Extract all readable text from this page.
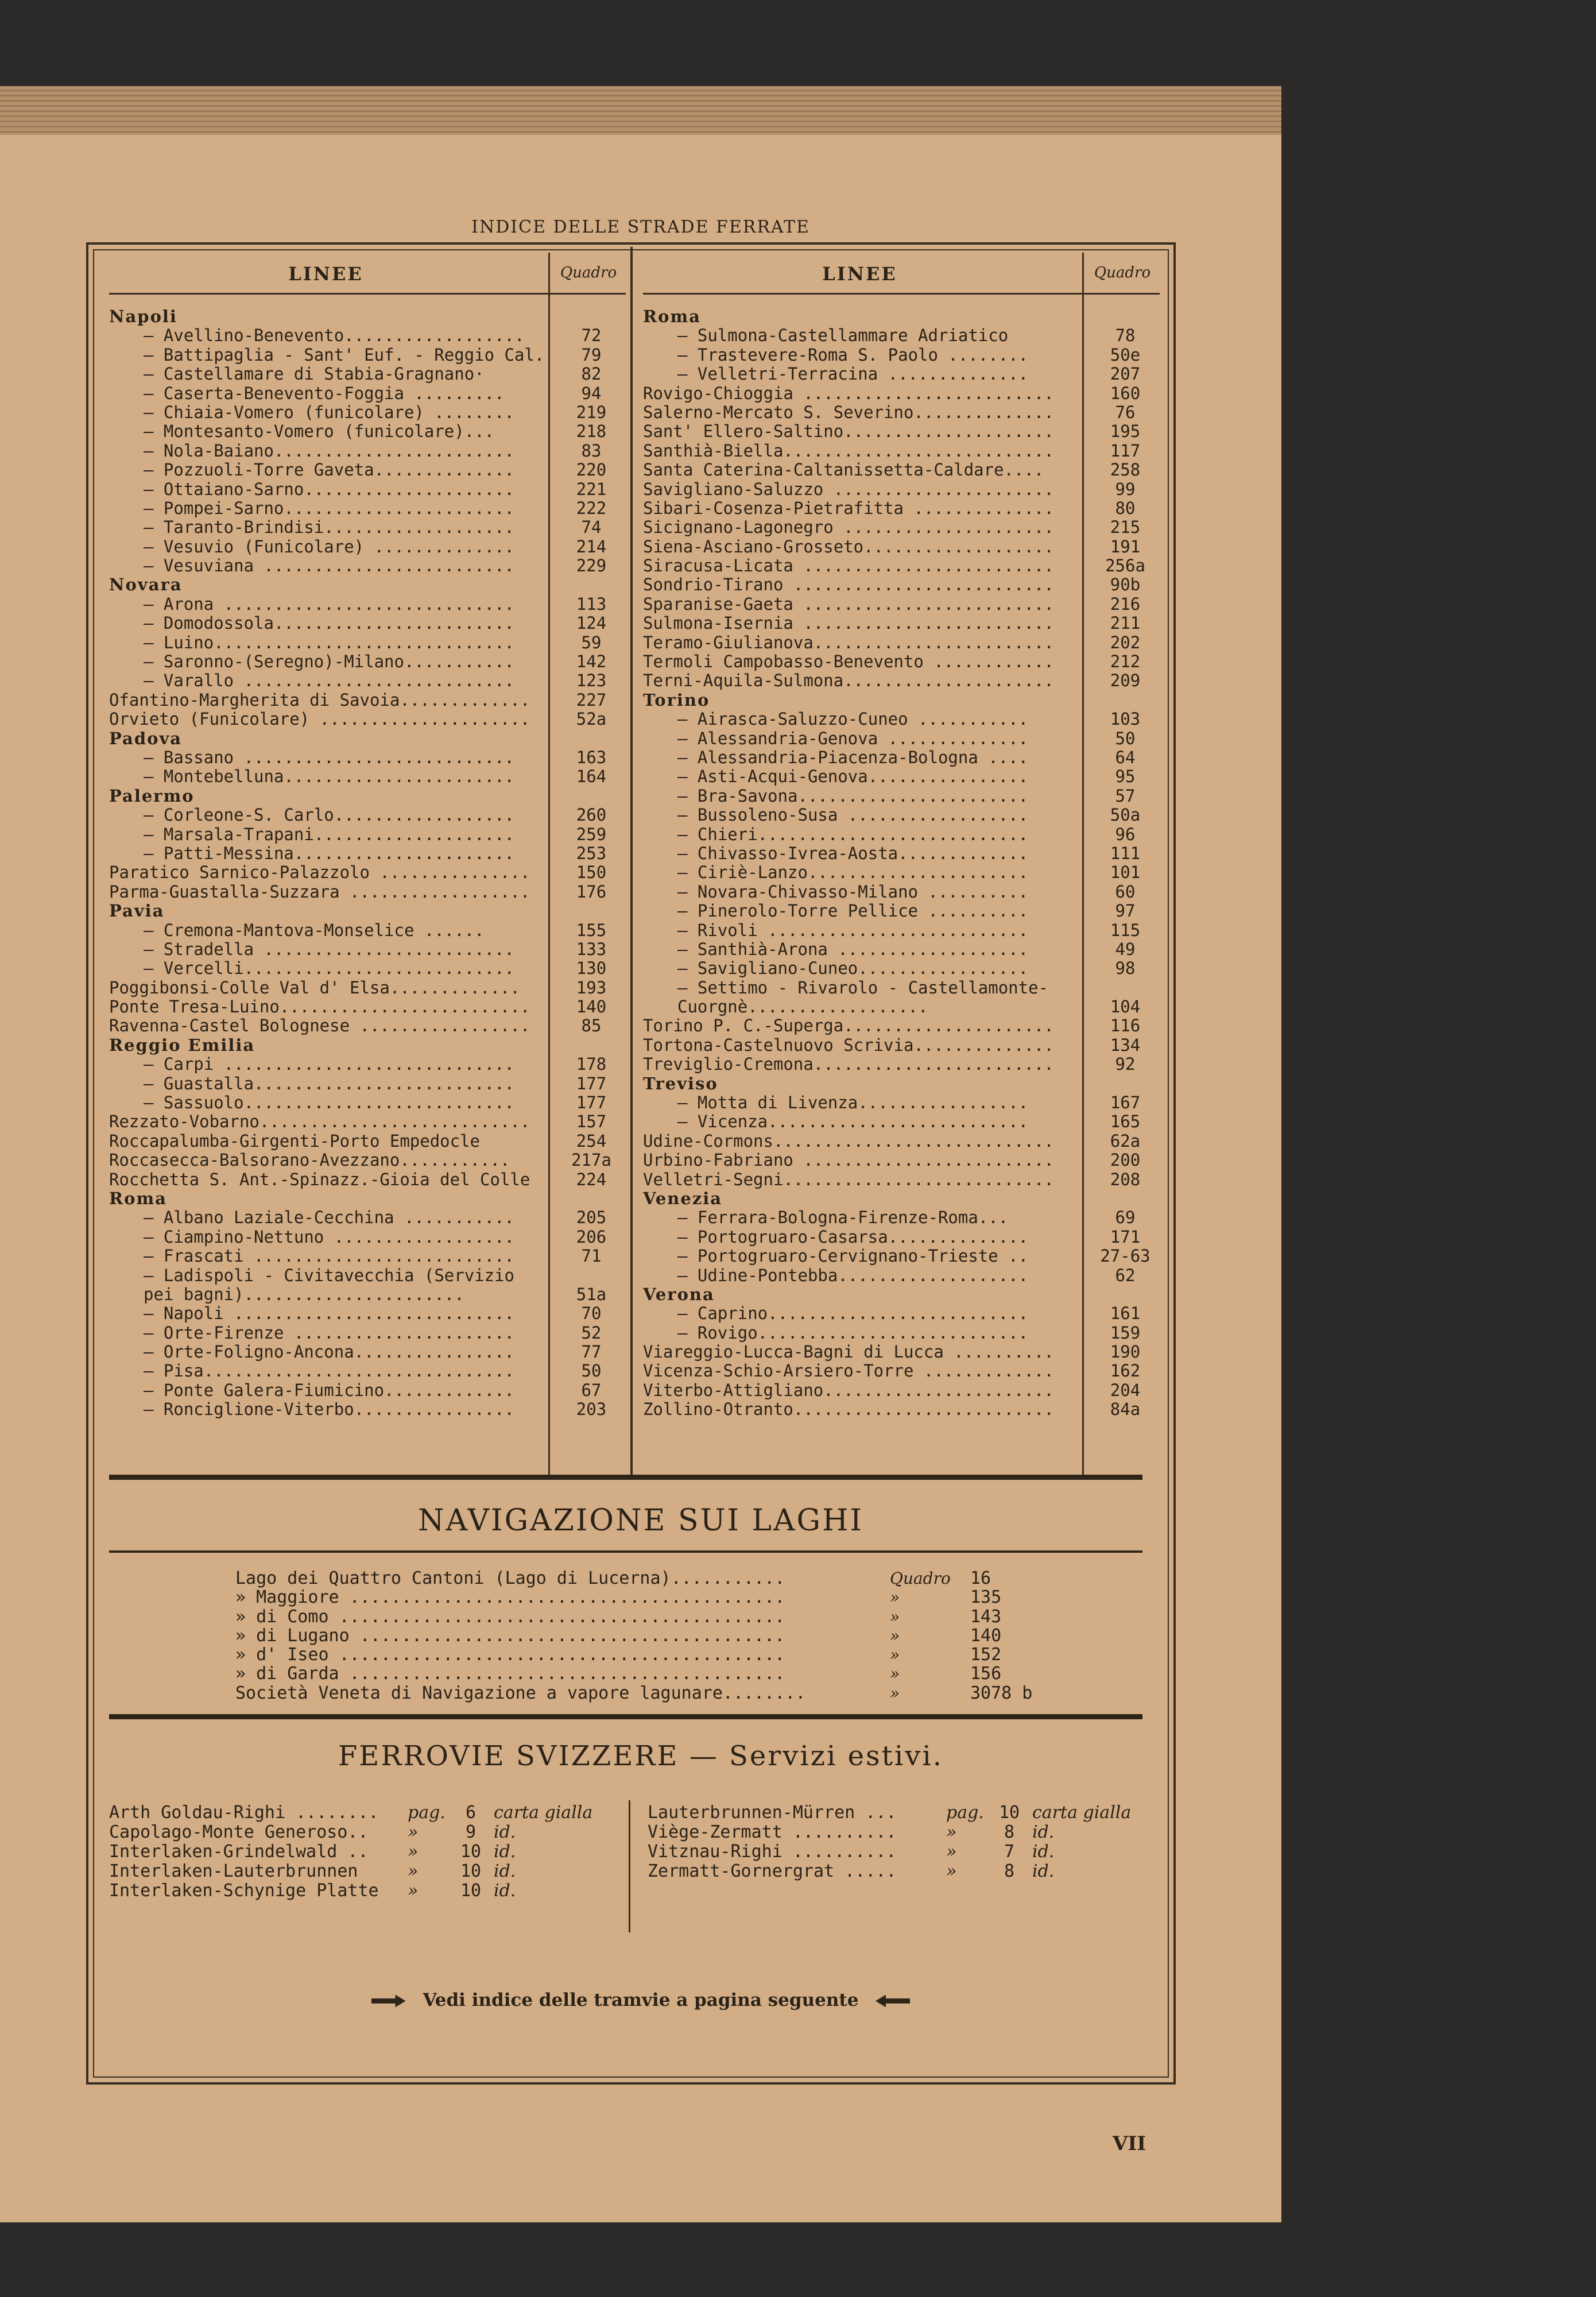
INDICE DELLE STRADE FERRATE
LINEE	Quadro
Napoli
— Avellino-Benevento..................	72
— Battipaglia - Sant' Euf. - Reggio Cal.	79
— Castellamare di Stabia-Gragnano·	82
— Caserta-Benevento-Foggia .........	94
— Chiaia-Vomero (funicolare) ........	219
— Montesanto-Vomero (funicolare)...	218
— Nola-Baiano........................	83
— Pozzuoli-Torre Gaveta..............	220
— Ottaiano-Sarno.....................	221
— Pompei-Sarno.......................	222
— Taranto-Brindisi...................	74
— Vesuvio (Funicolare) ..............	214
— Vesuviana .........................	229
Novara
— Arona .............................	113
— Domodossola........................	124
— Luino..............................	59
— Saronno-(Seregno)-Milano...........	142
— Varallo ...........................	123
Ofantino-Margherita di Savoia.............	227
Orvieto (Funicolare) .....................	52a
Padova
— Bassano ...........................	163
— Montebelluna.......................	164
Palermo
— Corleone-S. Carlo..................	260
— Marsala-Trapani....................	259
— Patti-Messina......................	253
Paratico Sarnico-Palazzolo ...............	150
Parma-Guastalla-Suzzara ..................	176
Pavia
— Cremona-Mantova-Monselice ......	155
— Stradella .........................	133
— Vercelli...........................	130
Poggibonsi-Colle Val d' Elsa.............	193
Ponte Tresa-Luino.........................	140
Ravenna-Castel Bolognese .................	85
Reggio Emilia
— Carpi .............................	178
— Guastalla..........................	177
— Sassuolo...........................	177
Rezzato-Vobarno...........................	157
Roccapalumba-Girgenti-Porto Empedocle	254
Roccasecca-Balsorano-Avezzano...........	217a
Rocchetta S. Ant.-Spinazz.-Gioia del Colle	224
Roma
— Albano Laziale-Cecchina ...........	205
— Ciampino-Nettuno ..................	206
— Frascati ..........................	71
— Ladispoli - Civitavecchia (Servizio
pei bagni)......................	51a
— Napoli ............................	70
— Orte-Firenze ......................	52
— Orte-Foligno-Ancona................	77
— Pisa...............................	50
— Ponte Galera-Fiumicino.............	67
— Ronciglione-Viterbo................	203
LINEE	Quadro
Roma
— Sulmona-Castellammare Adriatico	78
— Trastevere-Roma S. Paolo ........	50e
— Velletri-Terracina ..............	207
Rovigo-Chioggia .........................	160
Salerno-Mercato S. Severino..............	76
Sant' Ellero-Saltino.....................	195
Santhià-Biella...........................	117
Santa Caterina-Caltanissetta-Caldare....	258
Savigliano-Saluzzo ......................	99
Sibari-Cosenza-Pietrafitta ..............	80
Sicignano-Lagonegro .....................	215
Siena-Asciano-Grosseto...................	191
Siracusa-Licata .........................	256a
Sondrio-Tirano ..........................	90b
Sparanise-Gaeta .........................	216
Sulmona-Isernia .........................	211
Teramo-Giulianova........................	202
Termoli Campobasso-Benevento ............	212
Terni-Aquila-Sulmona.....................	209
Torino
— Airasca-Saluzzo-Cuneo ...........	103
— Alessandria-Genova ..............	50
— Alessandria-Piacenza-Bologna ....	64
— Asti-Acqui-Genova................	95
— Bra-Savona.......................	57
— Bussoleno-Susa ..................	50a
— Chieri...........................	96
— Chivasso-Ivrea-Aosta.............	111
— Ciriè-Lanzo......................	101
— Novara-Chivasso-Milano ..........	60
— Pinerolo-Torre Pellice ..........	97
— Rivoli ..........................	115
— Santhià-Arona ...................	49
— Savigliano-Cuneo.................	98
— Settimo - Rivarolo - Castellamonte-
Cuorgnè..................	104
Torino P. C.-Superga.....................	116
Tortona-Castelnuovo Scrivia..............	134
Treviglio-Cremona........................	92
Treviso
— Motta di Livenza.................	167
— Vicenza..........................	165
Udine-Cormons............................	62a
Urbino-Fabriano .........................	200
Velletri-Segni...........................	208
Venezia
— Ferrara-Bologna-Firenze-Roma...	69
— Portogruaro-Casarsa..............	171
— Portogruaro-Cervignano-Trieste ..	27-63
— Udine-Pontebba...................	62
Verona
— Caprino..........................	161
— Rovigo...........................	159
Viareggio-Lucca-Bagni di Lucca ..........	190
Vicenza-Schio-Arsiero-Torre .............	162
Viterbo-Attigliano.......................	204
Zollino-Otranto..........................	84a
NAVIGAZIONE SUI LAGHI
Lago dei Quattro Cantoni (Lago di Lucerna)...........	Quadro	16
» Maggiore ..........................................	»	135
» di Como ...........................................	»	143
» di Lugano .........................................	»	140
» d' Iseo ...........................................	»	152
» di Garda ..........................................	»	156
Società Veneta di Navigazione a vapore lagunare........	»	3078 b
FERROVIE SVIZZERE — Servizi estivi.
Arth Goldau-Righi ........	pag.	6	carta gialla
Capolago-Monte Generoso..	»	9	id.
Interlaken-Grindelwald ..	»	10 id.
Interlaken-Lauterbrunnen	»	10 id.
Interlaken-Schynige Platte	»	10 id.
Lauterbrunnen-Mürren ...	pag. 10 carta gialla
Viège-Zermatt ..........	»	8	id.
Vitznau-Righi ..........	»	7	id.
Zermatt-Gornergrat .....	»	8	id.
Vedi indice delle tramvie a pagina seguente
VII
